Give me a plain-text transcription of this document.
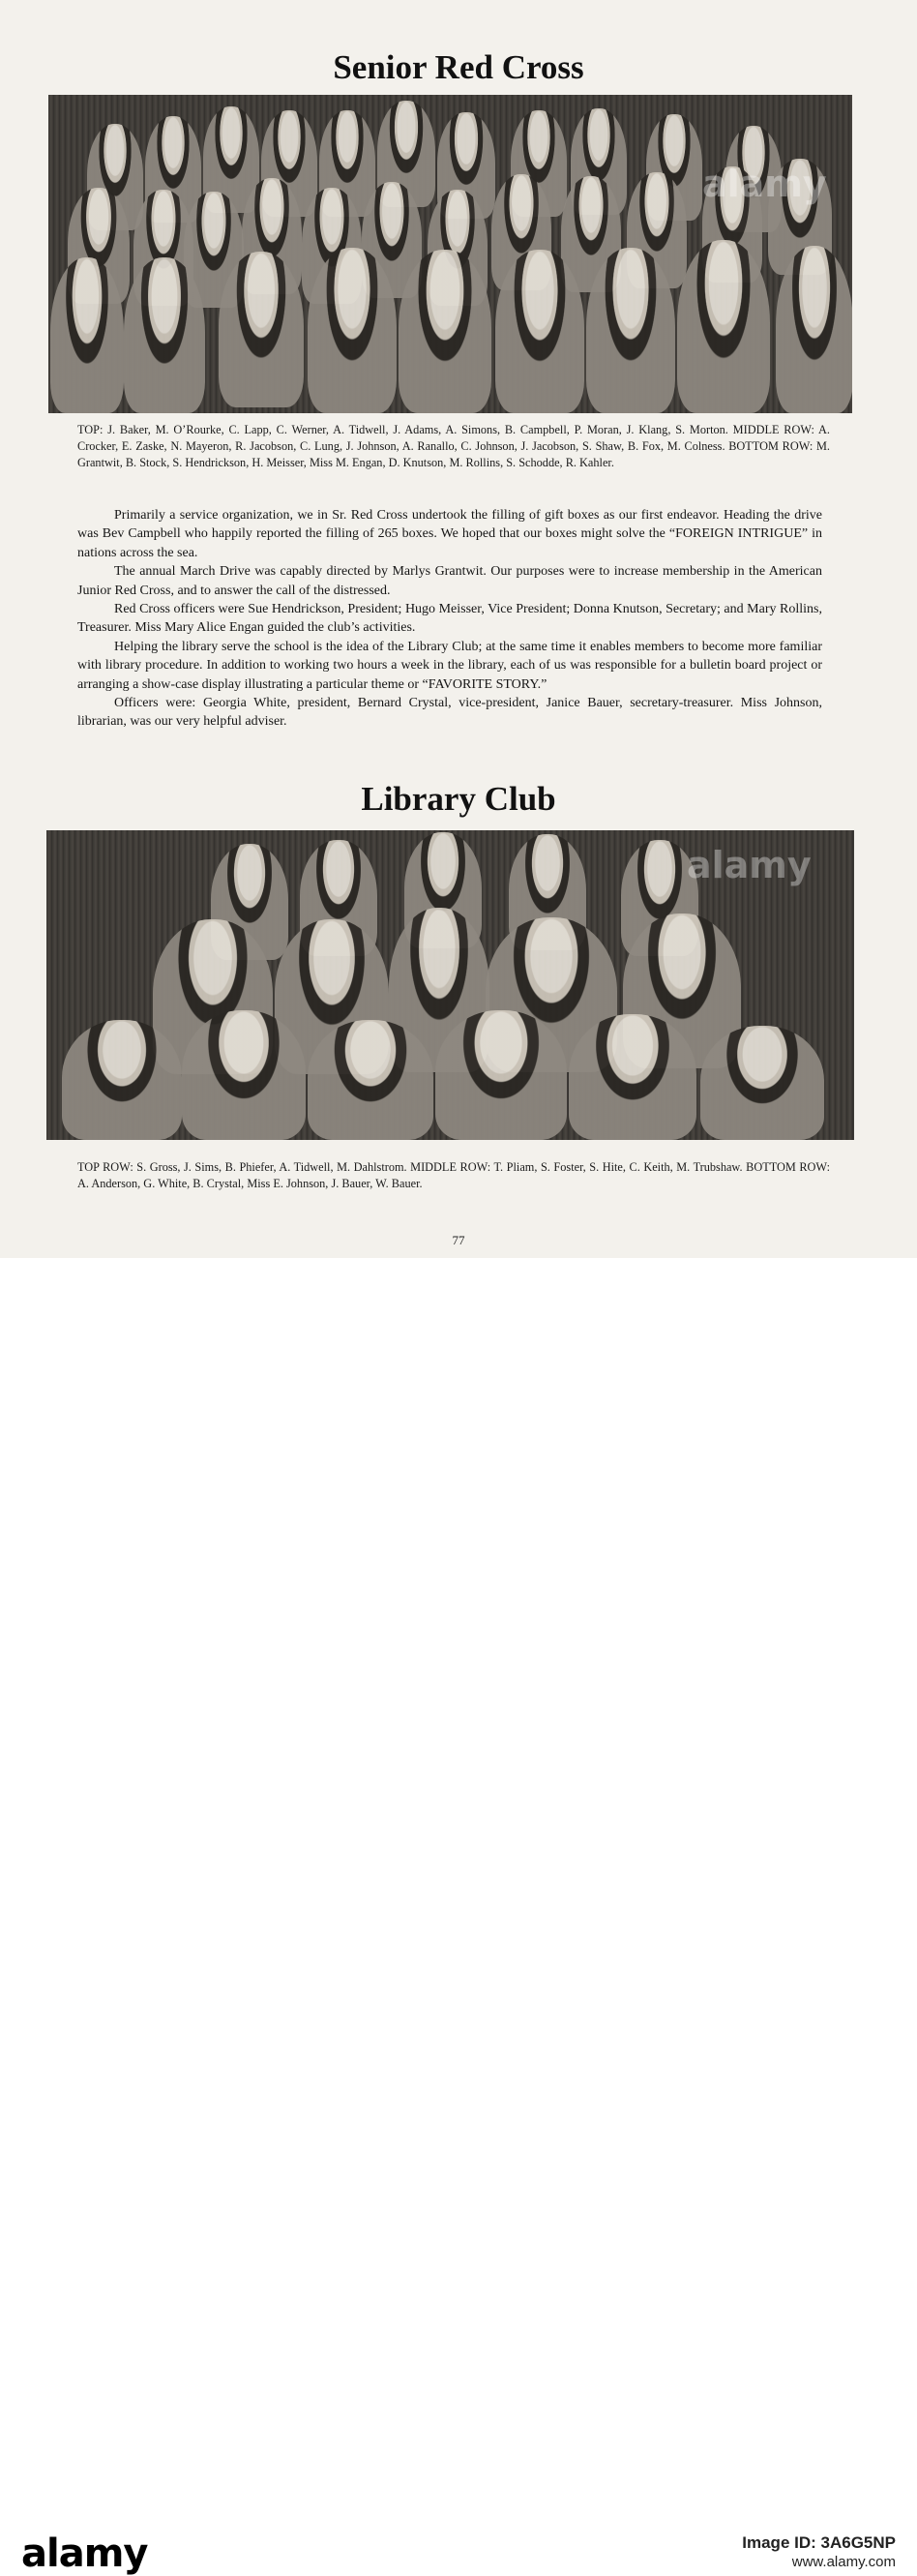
Senior Red Cross
alamy

TOP: J. Baker, M. O’Rourke, C. Lapp, C. Werner, A. Tidwell, J. Adams, A. Simons, B. Campbell, P. Moran, J. Klang, S. Morton. MIDDLE ROW: A. Crocker, E. Zaske, N. Mayeron, R. Jacobson, C. Lung, J. Johnson, A. Ranallo, C. Johnson, J. Jacobson, S. Shaw, B. Fox, M. Colness. BOTTOM ROW: M. Grantwit, B. Stock, S. Hendrickson, H. Meisser, Miss M. Engan, D. Knutson, M. Rollins, S. Schodde, R. Kahler.

Primarily a service organization, we in Sr. Red Cross undertook the filling of gift boxes as our first endeavor. Heading the drive was Bev Campbell who happily reported the filling of 265 boxes. We hoped that our boxes might solve the “FOREIGN INTRIGUE” in nations across the sea.

The annual March Drive was capably directed by Marlys Grantwit. Our purposes were to increase membership in the American Junior Red Cross, and to answer the call of the distressed.

Red Cross officers were Sue Hendrickson, President; Hugo Meisser, Vice President; Donna Knutson, Secretary; and Mary Rollins, Treasurer. Miss Mary Alice Engan guided the club’s activities.

Helping the library serve the school is the idea of the Library Club; at the same time it enables members to become more familiar with library procedure. In addition to working two hours a week in the library, each of us was responsible for a bulletin board project or arranging a show-case display illustrating a particular theme or “FAVORITE STORY.”

Officers were: Georgia White, president, Bernard Crystal, vice-president, Janice Bauer, secretary-treasurer. Miss Johnson, librarian, was our very helpful adviser.

Library Club
alamy

TOP ROW: S. Gross, J. Sims, B. Phiefer, A. Tidwell, M. Dahlstrom. MIDDLE ROW: T. Pliam, S. Foster, S. Hite, C. Keith, M. Trubshaw. BOTTOM ROW: A. Anderson, G. White, B. Crystal, Miss E. Johnson, J. Bauer, W. Bauer.

77

alamy	Image ID: 3A6G5NP
www.alamy.com
